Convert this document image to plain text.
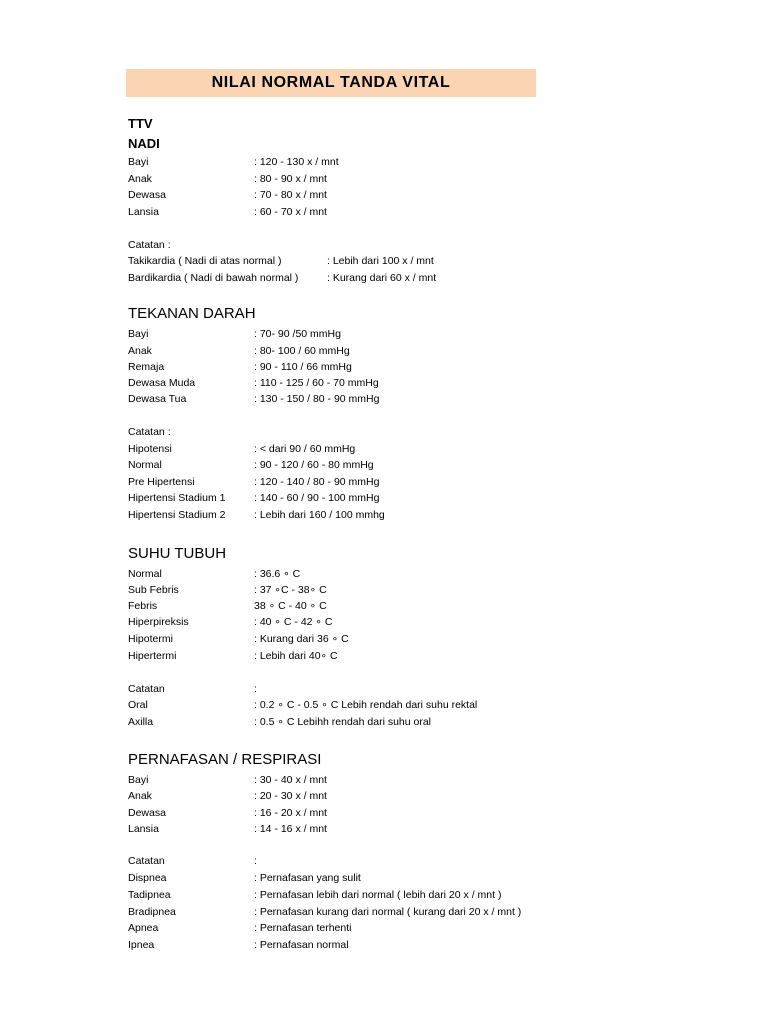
NILAI NORMAL TANDA VITAL
TTV
NADI
Bayi	: 120 - 130 x / mnt
Anak	: 80 - 90 x / mnt
Dewasa	: 70 - 80 x / mnt
Lansia	: 60 - 70 x / mnt
Catatan :
Takikardia ( Nadi di atas normal )	: Lebih dari 100 x / mnt
Bardikardia ( Nadi di bawah normal )	: Kurang dari 60 x / mnt
TEKANAN DARAH
Bayi	: 70- 90 /50 mmHg
Anak	: 80- 100 / 60 mmHg
Remaja	: 90 - 110 / 66 mmHg
Dewasa Muda	: 110 - 125 / 60 - 70 mmHg
Dewasa Tua	: 130 - 150 / 80 - 90 mmHg
Catatan :
Hipotensi	: < dari 90 / 60 mmHg
Normal	: 90 - 120 / 60 - 80 mmHg
Pre Hipertensi	: 120 - 140 / 80 - 90 mmHg
Hipertensi Stadium 1	: 140 - 60 / 90 - 100 mmHg
Hipertensi Stadium 2	: Lebih dari 160 / 100 mmhg
SUHU TUBUH
Normal	: 36.6 ∘ C
Sub Febris	: 37 ∘C - 38∘ C
Febris	38 ∘ C - 40 ∘ C
Hiperpireksis	: 40 ∘ C - 42 ∘ C
Hipotermi	: Kurang dari 36 ∘ C
Hipertermi	: Lebih dari 40∘ C
Catatan	:
Oral	: 0.2 ∘ C - 0.5 ∘ C Lebih rendah dari suhu rektal
Axilla	: 0.5 ∘ C Lebihh rendah dari suhu oral
PERNAFASAN / RESPIRASI
Bayi	: 30 - 40 x / mnt
Anak	: 20 - 30 x / mnt
Dewasa	: 16 - 20 x / mnt
Lansia	: 14 - 16 x / mnt
Catatan	:
Dispnea	: Pernafasan yang sulit
Tadipnea	: Pernafasan lebih dari normal ( lebih dari 20 x / mnt )
Bradipnea	: Pernafasan kurang dari normal ( kurang dari 20 x / mnt )
Apnea	: Pernafasan terhenti
Ipnea	: Pernafasan normal
